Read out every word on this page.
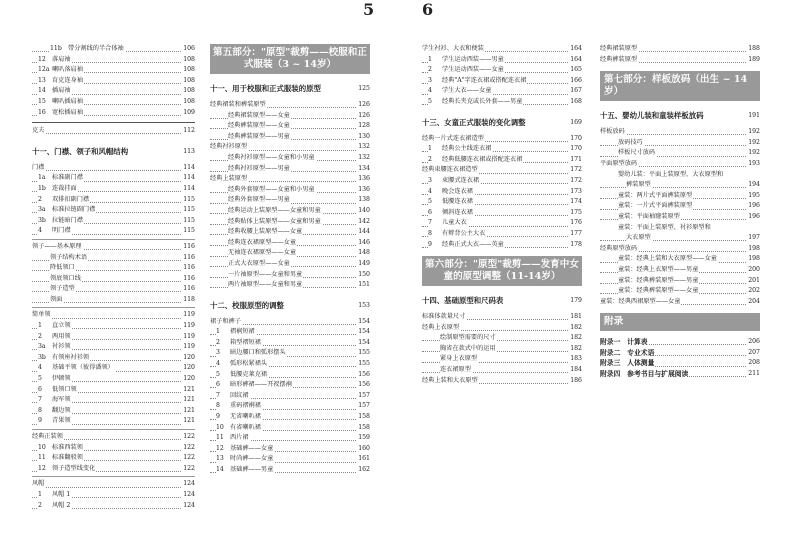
5	6
11b　带分割线的半合体袖	106
12 落肩袖	108
12a 喇叭落肩袖	108
13 育克连身袖	108
14 插肩袖	108
15 喇叭插肩袖	108
16 宽松插肩袖	109
克夫	112
十一、门襟、领子和风帽结构	113
门襟	114
1a 标准副门襟	114
1b 连裁挂面	114
2 双排扣副门襟	115
3a 标准拉链副门襟	115
3b 拉链暗门襟	115
4 明门襟	115
领子——基本原理	116
领子结构术语	116
降低领口	116
领底领口线	116
领子造型	116
领面	118
简单领	119
1 直立领	119
2 两用领	119
3a 衬衫领	119
3b 有领座衬衫领	120
4 基础平领（彼得潘领）	120
5 伊顿领	120
6 低领口领	121
7 海军领	121
8 翻边领	121
9 青果领	121
经典正装领	122
10 标准西装领	122
11 标准翻驳领	122
12 领子造型线变化	122
风帽	124
1 风帽 1	124
2 风帽 2	124
第五部分："原型"裁剪——校服和正式服装（3 ~ 14岁）
十一、用于校服和正式服装的原型	125
经典裙装和裤装原型	126
经典裙装原型——女童	126
经典裤装原型——女童	128
经典裤装原型——男童	130
经典衬衫原型	132
经典衬衫原型——女童和小男童	132
经典衬衫原型——男童	134
经典上装原型	136
经典外套原型——女童和小男童	136
经典外套原型——男童	138
经典运动上装原型——女童和男童	140
经典贴体上装原型——女童和男童	142
经典收腰上装原型——女童	144
经典连衣裙原型——女童	146
无袖连衣裙原型——女童	148
正式大衣原型——女童	149
一片袖原型——女童和男童	150
两片袖原型——女童和男童	151
十二、校服原型的调整	153
裙子和裤子	154
1 褶裥短裙	154
2 箱型褶短裙	154
3 暗边腰口和弧形摆头	155
4 弧形松紧裙头	155
5 低腰克莱克裙	156
6 暗形裤裙——开衩摆裥	156
7 回纹裙	157
8 重码褶裥裙	157
9 无省喇叭裙	158
10 有省喇叭裙	158
11 西片裙	159
12 基础裤——女童	160
13 时尚裤——女童	161
14 基础裤——男童	162
学生衬衫、大衣和便装	164
1 学生运动西装——男童	164
2 学生运动西装——女童	165
3 经典"A"字连衣裙或搭配连衣裙	166
4 学生大衣——女童	167
5 经典长夹克或长外套——男童	168
十三、女童正式服装的变化调整	169
经典一片式连衣裙造型	170
1 经典公主线连衣裙	170
2 经典低腰连衣裙或搭配连衣裙	171
经典束腰连衣裙造型	172
3 束腰式连衣裙	172
4 晚会连衣裙	173
5 低腰连衣裙	174
6 倾斜连衣裙	175
7 儿童大衣	176
8 有辫背公主大衣	177
9 经典正式大衣——英童	178
第六部分："原型"裁剪——发育中女童的原型调整（11-14岁）
十四、基础原型和尺码表	179
标准体款量尺寸	181
经典上衣原型	182
绘制原型需要的尺寸	182
胸省在款式中的运用	182
紧身上衣原型	183
连衣裙原型	184
经典上装和大衣原型	186
经典裙装原型	188
经典裤装原型	189
第七部分：样板放码（出生 ~ 14岁）
十五、婴幼儿装和童装样板放码	191
样板放码	192
放码技巧	192
样板尺寸放码	192
平面原型放码	193
婴幼儿装：平面上装原型、大衣原型和
裤装原型	194
童装：两片式平面裤装原型	195
童装：一片式平面裤装原型	196
童装：平面袖窿装原型	196
童装：平面上装原型、衬衫原型和
大衣原型	197
经典原型放码	198
童装：经典上装和大衣原型——女童	198
童装：经典上衣原型——男童	200
童装：经典裤装原型——男童	201
童装：经典裤装原型——女童	202
童装：经典西裙原型——女童	204
附录
附录一　计算表	206
附录二　专业术语	207
附录三　人体测量	208
附录四　参考书目与扩展阅读	211
